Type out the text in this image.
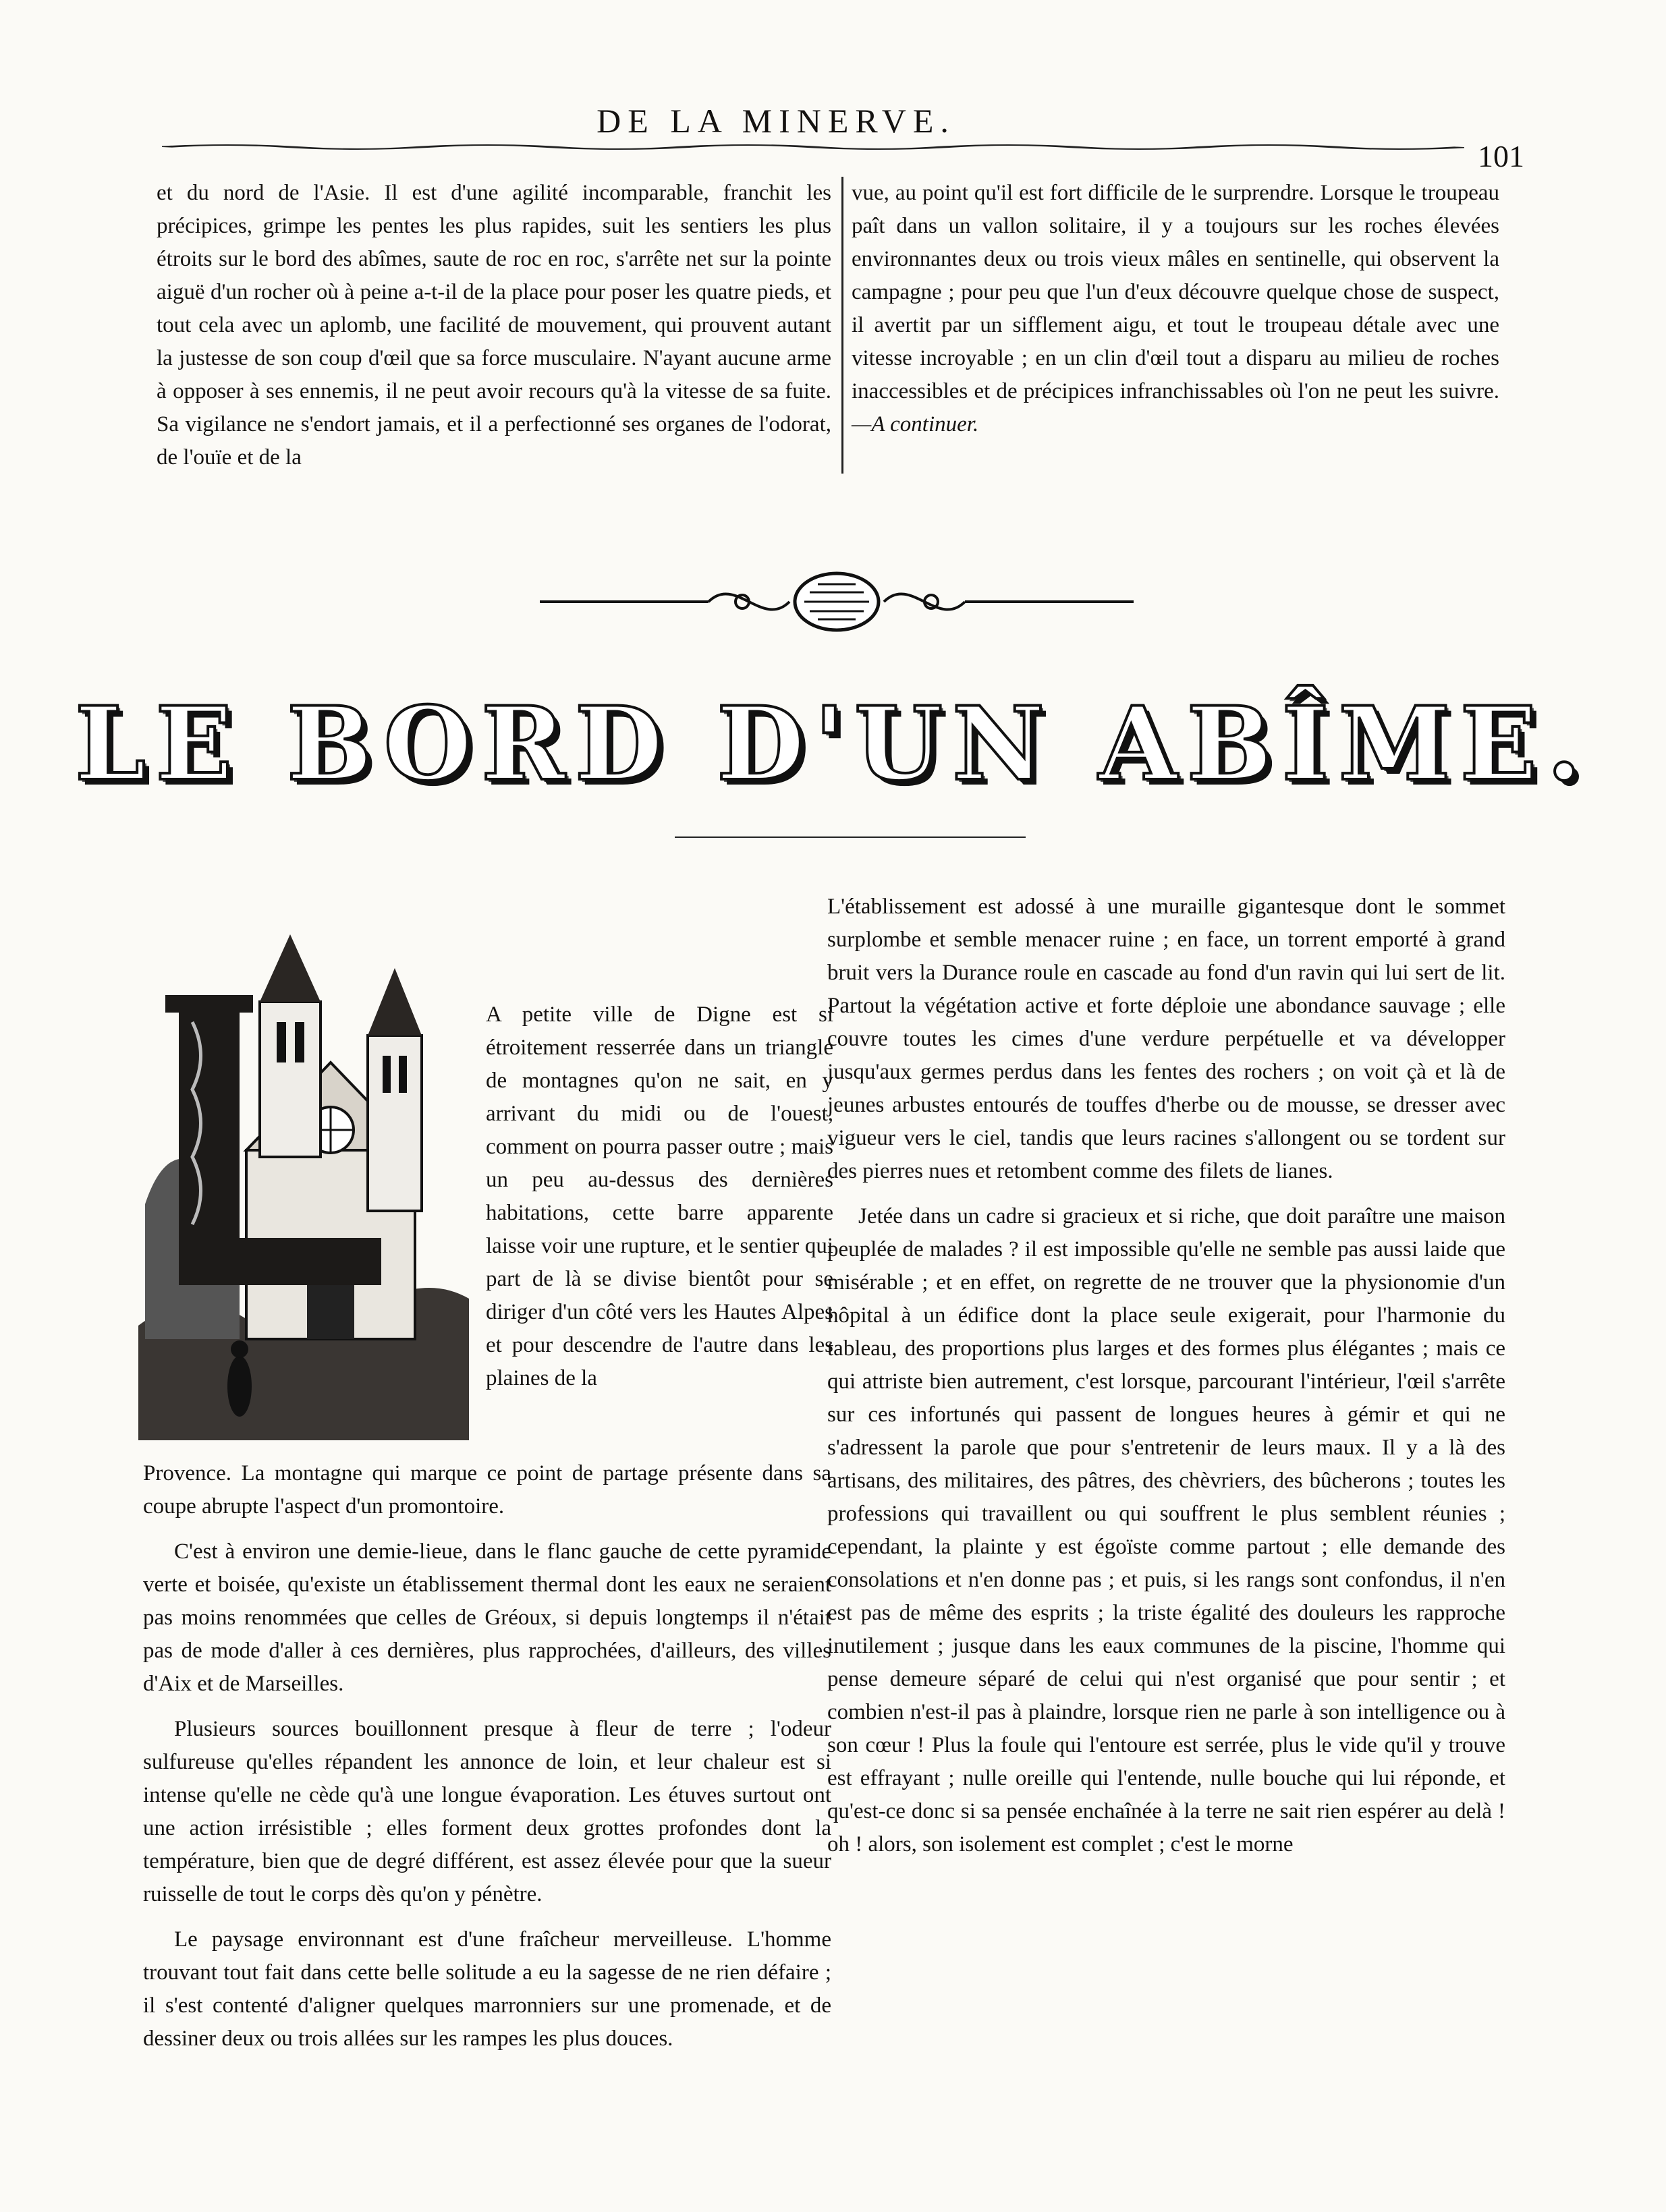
DE LA MINERVE.
101

et du nord de l'Asie. Il est d'une agilité incomparable, franchit les précipices, grimpe les pentes les plus rapides, suit les sentiers les plus étroits sur le bord des abîmes, saute de roc en roc, s'arrête net sur la pointe aiguë d'un rocher où à peine a-t-il de la place pour poser les quatre pieds, et tout cela avec un aplomb, une facilité de mouvement, qui prouvent autant la justesse de son coup d'œil que sa force musculaire. N'ayant aucune arme à opposer à ses ennemis, il ne peut avoir recours qu'à la vitesse de sa fuite. Sa vigilance ne s'endort jamais, et il a perfectionné ses organes de l'odorat, de l'ouïe et de la

vue, au point qu'il est fort difficile de le surprendre. Lorsque le troupeau paît dans un vallon solitaire, il y a toujours sur les roches élevées environnantes deux ou trois vieux mâles en sentinelle, qui observent la campagne ; pour peu que l'un d'eux découvre quelque chose de suspect, il avertit par un sifflement aigu, et tout le troupeau détale avec une vitesse incroyable ; en un clin d'œil tout a disparu au milieu de roches inaccessibles et de précipices infranchissables où l'on ne peut les suivre. —A continuer.

LE BORD D'UN ABÎME.

A petite ville de Digne est si étroitement resserrée dans un triangle de montagnes qu'on ne sait, en y arrivant du midi ou de l'ouest, comment on pourra passer outre ; mais un peu au-dessus des dernières habitations, cette barre apparente laisse voir une rupture, et le sentier qui part de là se divise bientôt pour se diriger d'un côté vers les Hautes Alpes et pour descendre de l'autre dans les plaines de la

Provence. La montagne qui marque ce point de partage présente dans sa coupe abrupte l'aspect d'un promontoire.

C'est à environ une demie-lieue, dans le flanc gauche de cette pyramide verte et boisée, qu'existe un établissement thermal dont les eaux ne seraient pas moins renommées que celles de Gréoux, si depuis longtemps il n'était pas de mode d'aller à ces dernières, plus rapprochées, d'ailleurs, des villes d'Aix et de Marseilles.

Plusieurs sources bouillonnent presque à fleur de terre ; l'odeur sulfureuse qu'elles répandent les annonce de loin, et leur chaleur est si intense qu'elle ne cède qu'à une longue évaporation. Les étuves surtout ont une action irrésistible ; elles forment deux grottes profondes dont la température, bien que de degré différent, est assez élevée pour que la sueur ruisselle de tout le corps dès qu'on y pénètre.

Le paysage environnant est d'une fraîcheur merveilleuse. L'homme trouvant tout fait dans cette belle solitude a eu la sagesse de ne rien défaire ; il s'est contenté d'aligner quelques marronniers sur une promenade, et de dessiner deux ou trois allées sur les rampes les plus douces.

L'établissement est adossé à une muraille gigantesque dont le sommet surplombe et semble menacer ruine ; en face, un torrent emporté à grand bruit vers la Durance roule en cascade au fond d'un ravin qui lui sert de lit. Partout la végétation active et forte déploie une abondance sauvage ; elle couvre toutes les cimes d'une verdure perpétuelle et va développer jusqu'aux germes perdus dans les fentes des rochers ; on voit çà et là de jeunes arbustes entourés de touffes d'herbe ou de mousse, se dresser avec vigueur vers le ciel, tandis que leurs racines s'allongent ou se tordent sur des pierres nues et retombent comme des filets de lianes.

Jetée dans un cadre si gracieux et si riche, que doit paraître une maison peuplée de malades ? il est impossible qu'elle ne semble pas aussi laide que misérable ; et en effet, on regrette de ne trouver que la physionomie d'un hôpital à un édifice dont la place seule exigerait, pour l'harmonie du tableau, des proportions plus larges et des formes plus élégantes ; mais ce qui attriste bien autrement, c'est lorsque, parcourant l'intérieur, l'œil s'arrête sur ces infortunés qui passent de longues heures à gémir et qui ne s'adressent la parole que pour s'entretenir de leurs maux. Il y a là des artisans, des militaires, des pâtres, des chèvriers, des bûcherons ; toutes les professions qui travaillent ou qui souffrent le plus semblent réunies ; cependant, la plainte y est égoïste comme partout ; elle demande des consolations et n'en donne pas ; et puis, si les rangs sont confondus, il n'en est pas de même des esprits ; la triste égalité des douleurs les rapproche inutilement ; jusque dans les eaux communes de la piscine, l'homme qui pense demeure séparé de celui qui n'est organisé que pour sentir ; et combien n'est-il pas à plaindre, lorsque rien ne parle à son intelligence ou à son cœur ! Plus la foule qui l'entoure est serrée, plus le vide qu'il y trouve est effrayant ; nulle oreille qui l'entende, nulle bouche qui lui réponde, et qu'est-ce donc si sa pensée enchaînée à la terre ne sait rien espérer au delà ! oh ! alors, son isolement est complet ; c'est le morne
